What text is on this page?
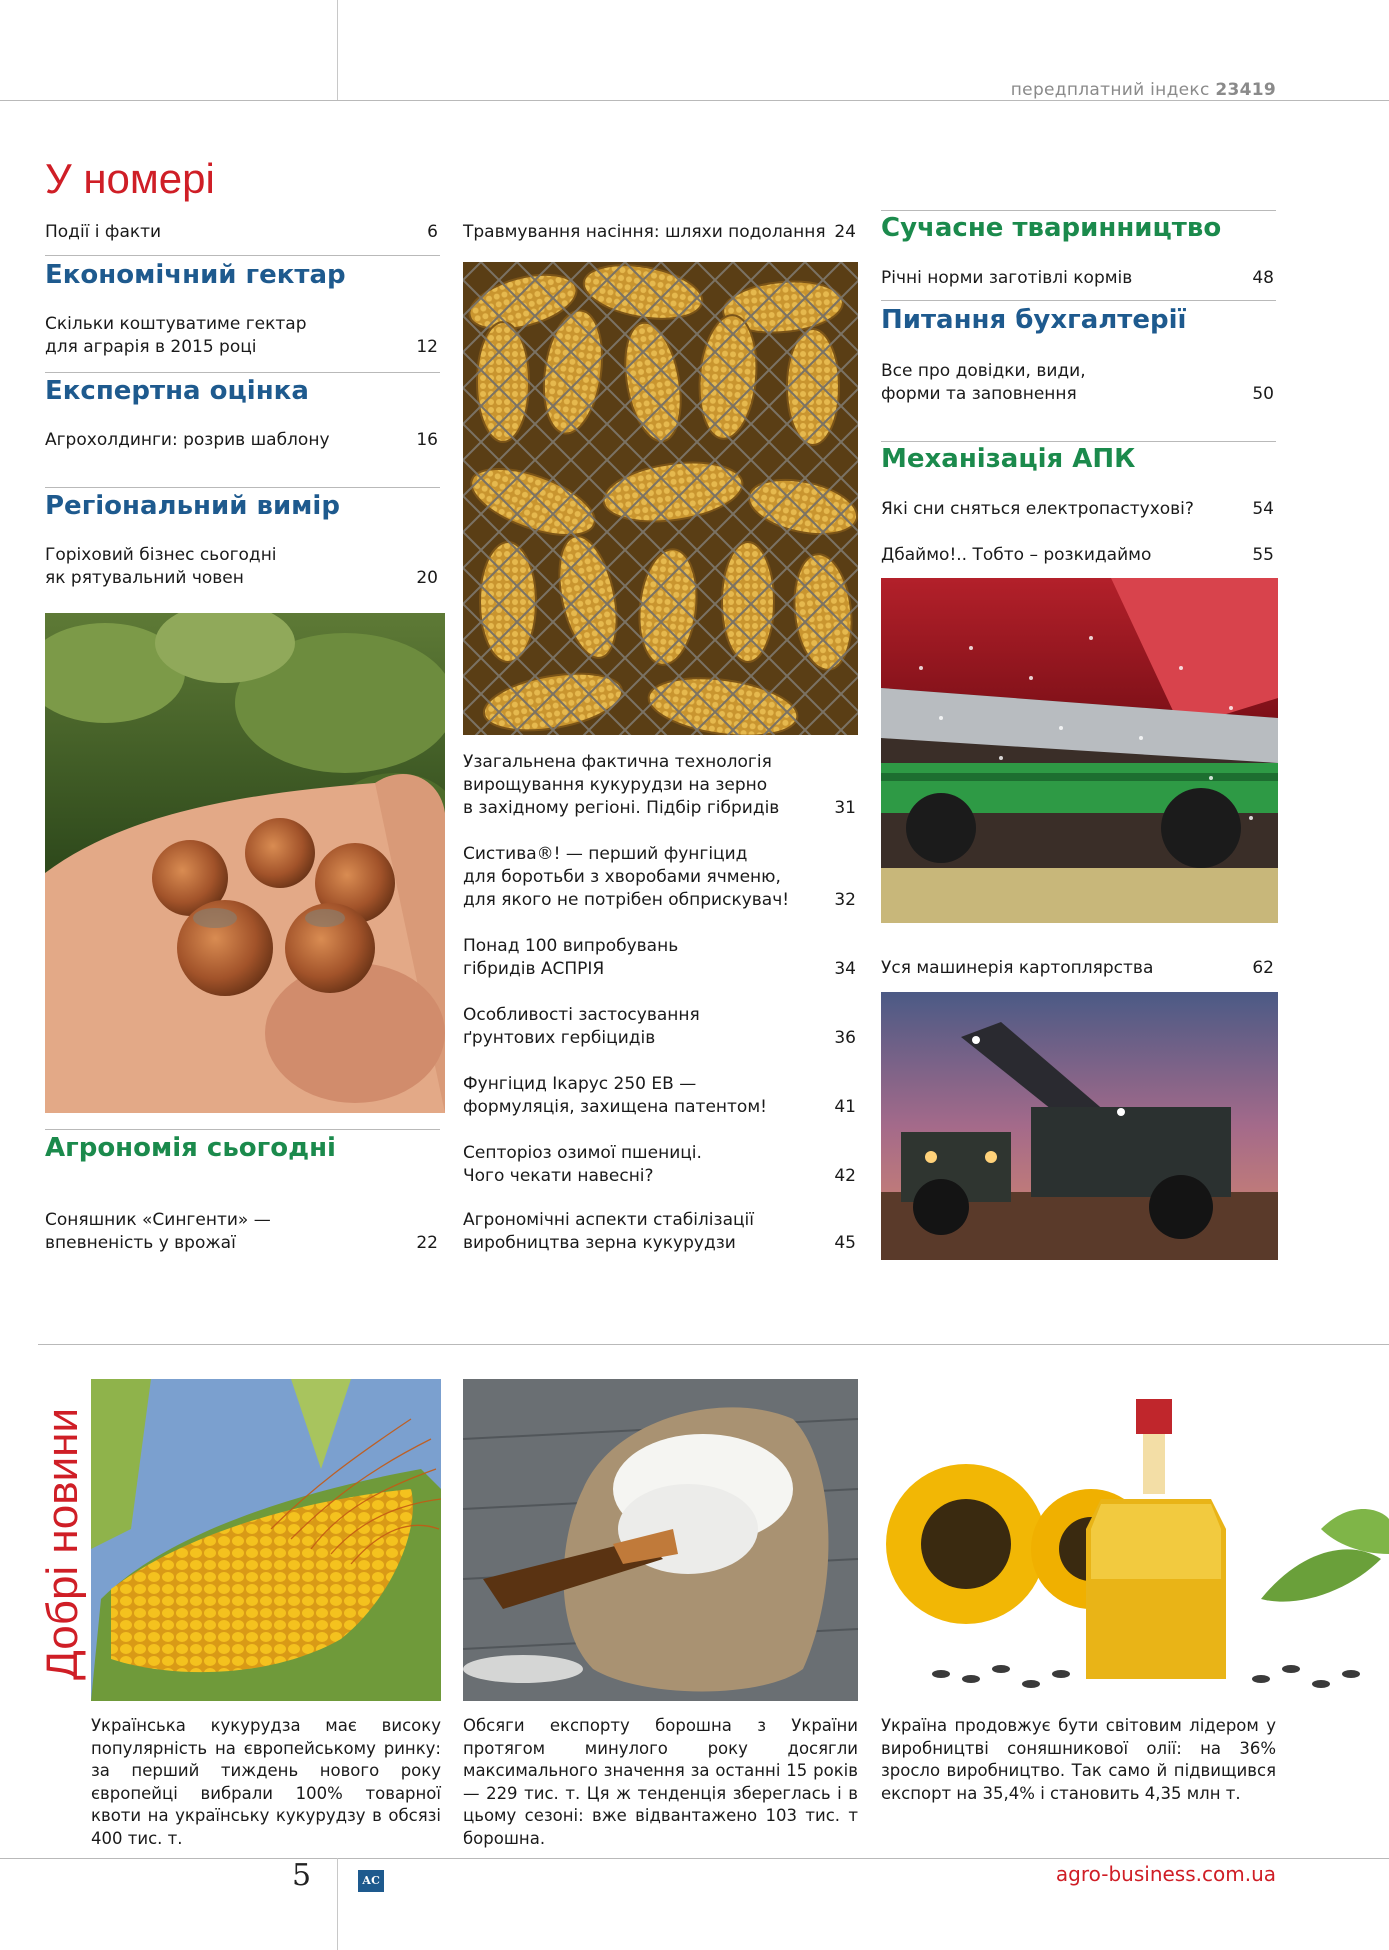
передплатний індекс 23419
У номері
Події і факти	6
Економічний гектар
Скільки коштуватиме гектар
для аграрія в 2015 році	12
Експертна оцінка
Агрохолдинги: розрив шаблону	16
Регіональний вимір
Горіховий бізнес сьогодні
як рятувальний човен	20
Агрономія сьогодні
Соняшник «Сингенти» —
впевненість у врожаї	22
Травмування насіння: шляхи подолання 24
Узагальнена фактична технологія
вирощування кукурудзи на зерно
в західному регіоні. Підбір гібридів	31
Систива®! — перший фунгіцид
для боротьби з хворобами ячменю,
для якого не потрібен обприскувач!	32
Понад 100 випробувань
гібридів АСПРІЯ	34
Особливості застосування
ґрунтових гербіцидів	36
Фунгіцид Ікарус 250 ЕВ —
формуляція, захищена патентом!	41
Септоріоз озимої пшениці.
Чого чекати навесні?	42
Агрономічні аспекти стабілізації
виробництва зерна кукурудзи	45
Сучасне тваринництво
Річні норми заготівлі кормів	48
Питання бухгалтерії
Все про довідки, види,
форми та заповнення	50
Механізація АПК
Які сни сняться електропастухові?	54
Дбаймо!.. Тобто – розкидаймо	55
Уся машинерія картоплярства	62
Добрі новини
Українська кукурудза має високу популярність на європейському ринку: за перший тиждень нового року європейці вибрали 100% товарної квоти на українську кукурудзу в обсязі 400 тис. т.
Обсяги експорту борошна з України протягом минулого року досягли максимального значення за останні 15 років — 229 тис. т. Ця ж тенденція збереглась і в цьому сезоні: вже відвантажено 103 тис. т борошна.
Україна продовжує бути світовим лідером у виробництві соняшникової олії: на 36% зросло виробництво. Так само й підвищився експорт на 35,4% і становить 4,35 млн т.
5	АС	agro-business.com.ua
